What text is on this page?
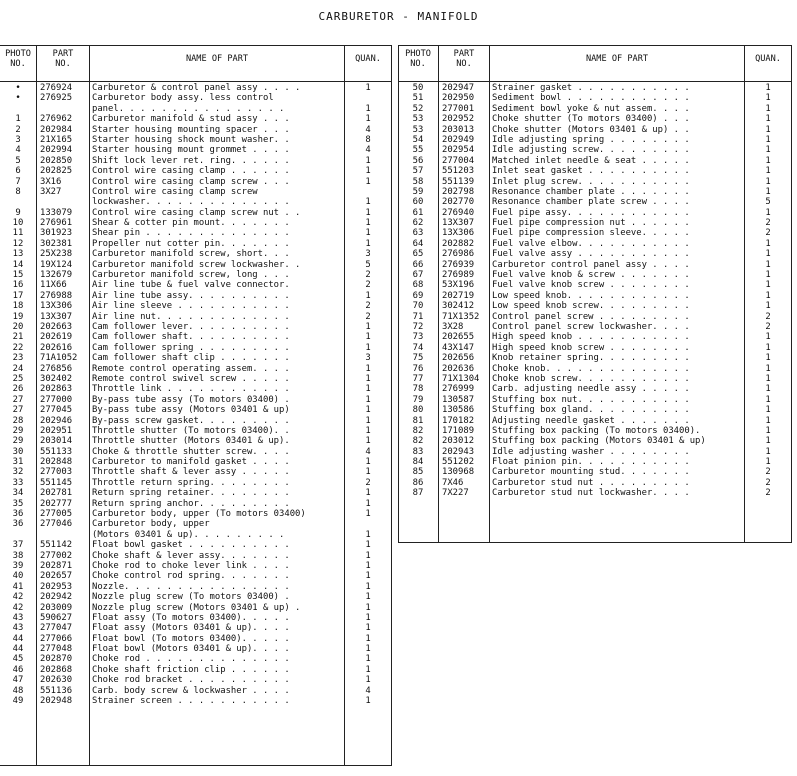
CARBURETOR - MANIFOLD
PHOTO
NO.
PART
NO.	NAME OF PART	QUAN.
•	276924	Carburetor & control panel assy . . . .	1
•	276925	Carburetor body assy. less control
panel. . . . . . . . . . . . . . . .	1
1	276962	Carburetor manifold & stud assy . . .	1
2	202984	Starter housing mounting spacer . . .	4
3	21X165	Starter housing shock mount washer. .	8
4	202994	Starter housing mount grommet . . . .	4
5	202850	Shift lock lever ret. ring. . . . . .	1
6	202825	Control wire casing clamp . . . . . .	1
7	3X16	Control wire casing clamp screw . . .	1
8	3X27	Control wire casing clamp screw
lockwasher. . . . . . . . . . . . . .	1
9	133079	Control wire casing clamp screw nut . .	1
10	276961	Shear & cotter pin mount. . . . . . .	1
11	301923	Shear pin . . . . . . . . . . . . . .	1
12	302381	Propeller nut cotter pin. . . . . . .	1
13	25X238	Carburetor manifold screw, short. . .	3
14	19X124	Carburetor manifold screw lockwasher. .	5
15	132679	Carburetor manifold screw, long . . .	2
16	11X66	Air line tube & fuel valve connector.	2
17	276988	Air line tube assy. . . . . . . . . .	1
18	13X306	Air line sleeve . . . . . . . . . . .	2
19	13X307	Air line nut. . . . . . . . . . . . .	2
20	202663	Cam follower lever. . . . . . . . . .	1
21	202619	Cam follower shaft. . . . . . . . . .	1
22	202616	Cam follower spring . . . . . . . . .	1
23	71A1052	Cam follower shaft clip . . . . . . .	3
24	276856	Remote control operating assem. . . .	1
25	302402	Remote control swivel screw . . . . .	1
26	202863	Throttle link . . . . . . . . . . . .	1
27	277000	By-pass tube assy (To motors 03400) .	1
27	277045	By-pass tube assy (Motors 03401 & up)	1
28	202946	By-pass screw gasket. . . . . . . . .	1
29	202951	Throttle shutter (To motors 03400). .	1
29	203014	Throttle shutter (Motors 03401 & up).	1
30	551133	Choke & throttle shutter screw. . . .	4
31	202848	Carburetor to manifold gasket . . . .	1
32	277003	Throttle shaft & lever assy . . . . .	1
33	551145	Throttle return spring. . . . . . . .	2
34	202781	Return spring retainer. . . . . . . .	1
35	202777	Return spring anchor. . . . . . . . .	1
36	277005	Carburetor body, upper (To motors 03400)	1
36	277046	Carburetor body, upper
(Motors 03401 & up). . . . . . . . .	1
37	551142	Float bowl gasket . . . . . . . . . .	1
38	277002	Choke shaft & lever assy. . . . . . .	1
39	202871	Choke rod to choke lever link . . . .	1
40	202657	Choke control rod spring. . . . . . .	1
41	202953	Nozzle. . . . . . . . . . . . . . . .	1
42	202942	Nozzle plug screw (To motors 03400) .	1
42	203009	Nozzle plug screw (Motors 03401 & up) .	1
43	590627	Float assy (To motors 03400). . . . .	1
43	277047	Float assy (Motors 03401 & up). . . .	1
44	277066	Float bowl (To motors 03400). . . . .	1
44	277048	Float bowl (Motors 03401 & up). . . .	1
45	202870	Choke rod . . . . . . . . . . . . . .	1
46	202868	Choke shaft friction clip . . . . . .	1
47	202630	Choke rod bracket . . . . . . . . . .	1
48	551136	Carb. body screw & lockwasher . . . .	4
49	202948	Strainer screen . . . . . . . . . . .	1
PHOTO
NO.
PART
NO.	NAME OF PART	QUAN.
50	202947	Strainer gasket . . . . . . . . . . .	1
51	202950	Sediment bowl . . . . . . . . . . . .	1
52	277001	Sediment bowl yoke & nut assem. . . .	1
53	202952	Choke shutter (To motors 03400) . . .	1
53	203013	Choke shutter (Motors 03401 & up) . .	1
54	202949	Idle adjusting spring . . . . . . . .	1
55	202954	Idle adjusting screw. . . . . . . . .	1
56	277004	Matched inlet needle & seat . . . . .	1
57	551203	Inlet seat gasket . . . . . . . . . .	1
58	551139	Inlet plug screw. . . . . . . . . . .	1
59	202798	Resonance chamber plate . . . . . . .	1
60	202770	Resonance chamber plate screw . . . .	5
61	276940	Fuel pipe assy. . . . . . . . . . . .	1
62	13X307	Fuel pipe compression nut . . . . . .	2
63	13X306	Fuel pipe compression sleeve. . . . .	2
64	202882	Fuel valve elbow. . . . . . . . . . .	1
65	276986	Fuel valve assy . . . . . . . . . . .	1
66	276939	Carburetor control panel assy . . . .	1
67	276989	Fuel valve knob & screw . . . . . . .	1
68	53X196	Fuel valve knob screw . . . . . . . .	1
69	202719	Low speed knob. . . . . . . . . . . .	1
70	302412	Low speed knob screw. . . . . . . . .	1
71	71X1352	Control panel screw . . . . . . . . .	2
72	3X28	Control panel screw lockwasher. . . .	2
73	202655	High speed knob . . . . . . . . . . .	1
74	43X147	High speed knob screw . . . . . . . .	1
75	202656	Knob retainer spring. . . . . . . . .	1
76	202636	Choke knob. . . . . . . . . . . . . .	1
77	71X1304	Choke knob screw. . . . . . . . . . .	1
78	276999	Carb. adjusting needle assy . . . . .	1
79	130587	Stuffing box nut. . . . . . . . . . .	1
80	130586	Stuffing box gland. . . . . . . . . .	1
81	170182	Adjusting needle gasket . . . . . . .	1
82	171089	Stuffing box packing (To motors 03400).	1
82	203012	Stuffing box packing (Motors 03401 & up)	1
83	202943	Idle adjusting washer . . . . . . . .	1
84	551202	Float pinion pin. . . . . . . . . . .	1
85	130968	Carburetor mounting stud. . . . . . .	2
86	7X46	Carburetor stud nut . . . . . . . . .	2
87	7X227	Carburetor stud nut lockwasher. . . .	2
